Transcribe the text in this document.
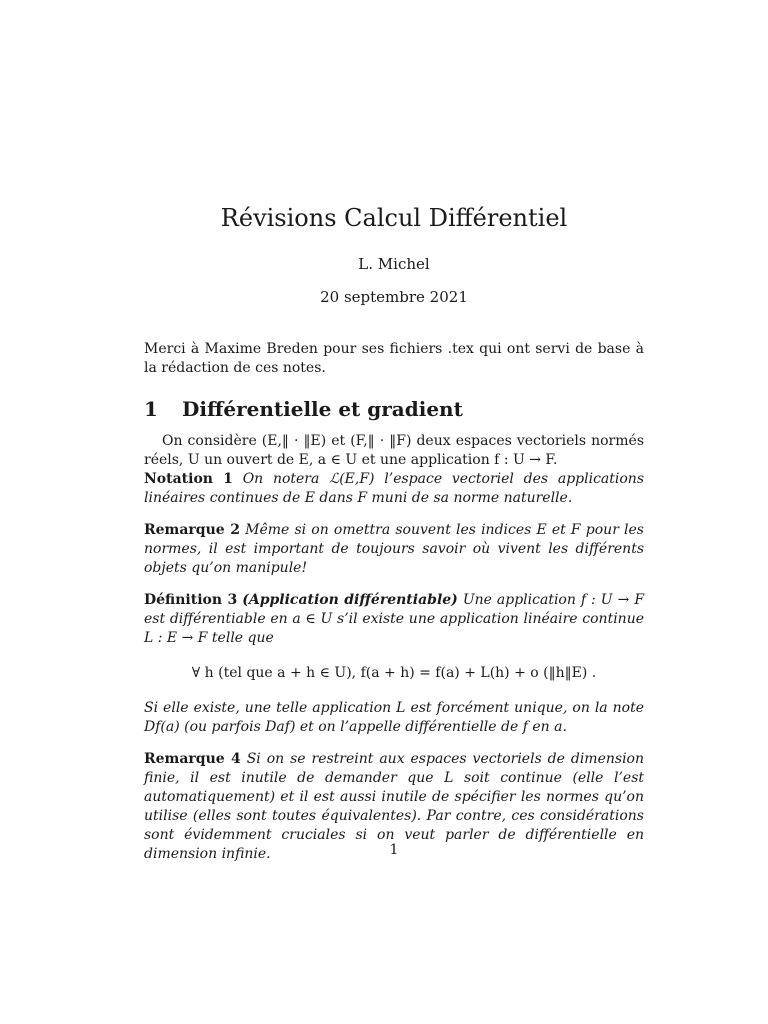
Révisions Calcul Différentiel
L. Michel
20 septembre 2021

Merci à Maxime Breden pour ses fichiers .tex qui ont servi de base à la rédaction de ces notes.

1 Différentielle et gradient

On considère (E,‖ · ‖E) et (F,‖ · ‖F) deux espaces vectoriels normés réels, U un ouvert de E, a ∈ U et une application f : U → F.

Notation 1 On notera ℒ(E,F) l’espace vectoriel des applications linéaires continues de E dans F muni de sa norme naturelle.

Remarque 2 Même si on omettra souvent les indices E et F pour les normes, il est important de toujours savoir où vivent les différents objets qu’on manipule!

Définition 3 (Application différentiable) Une application f : U → F est différentiable en a ∈ U s’il existe une application linéaire continue L : E → F telle que

∀ h (tel que a + h ∈ U), f(a + h) = f(a) + L(h) + o (‖h‖E) .

Si elle existe, une telle application L est forcément unique, on la note Df(a) (ou parfois Daf) et on l’appelle différentielle de f en a.

Remarque 4 Si on se restreint aux espaces vectoriels de dimension finie, il est inutile de demander que L soit continue (elle l’est automatiquement) et il est aussi inutile de spécifier les normes qu’on utilise (elles sont toutes équivalentes). Par contre, ces considérations sont évidemment cruciales si on veut parler de différentielle en dimension infinie.	1
